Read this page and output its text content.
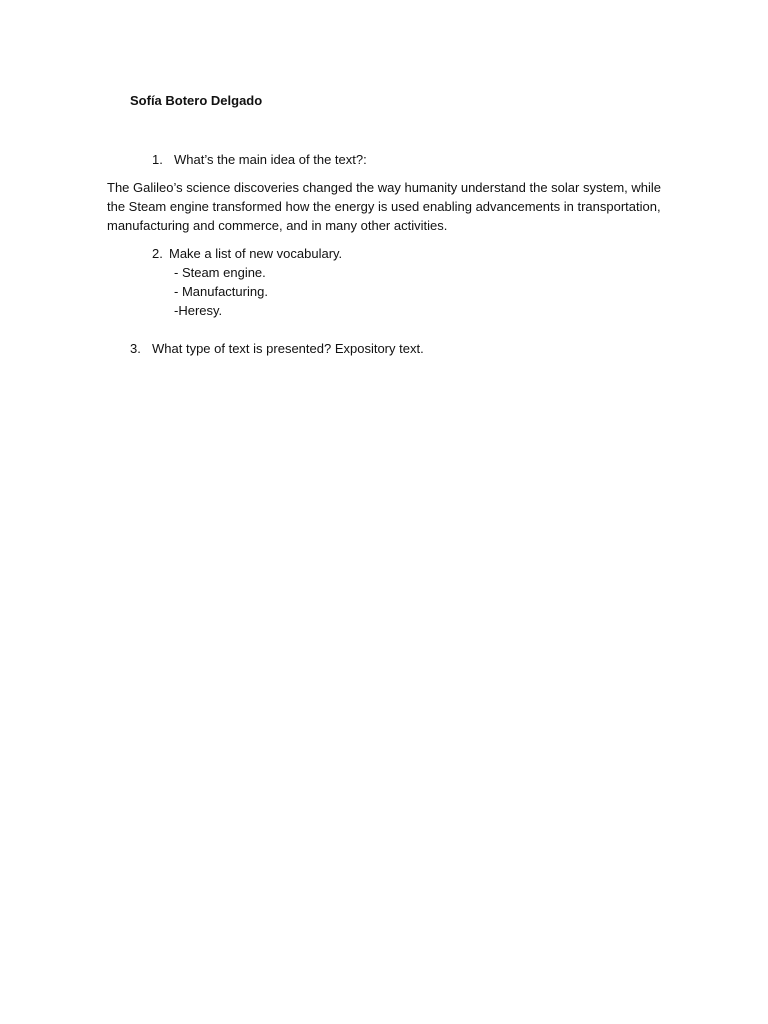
Sofía Botero Delgado
1. What’s the main idea of the text?:
The Galileo’s science discoveries changed the way humanity understand the solar system, while
the Steam engine transformed how the energy is used enabling advancements in transportation,
manufacturing and commerce, and in many other activities.
2. Make a list of new vocabulary.
- Steam engine.
- Manufacturing.
-Heresy.
3. What type of text is presented? Expository text.
